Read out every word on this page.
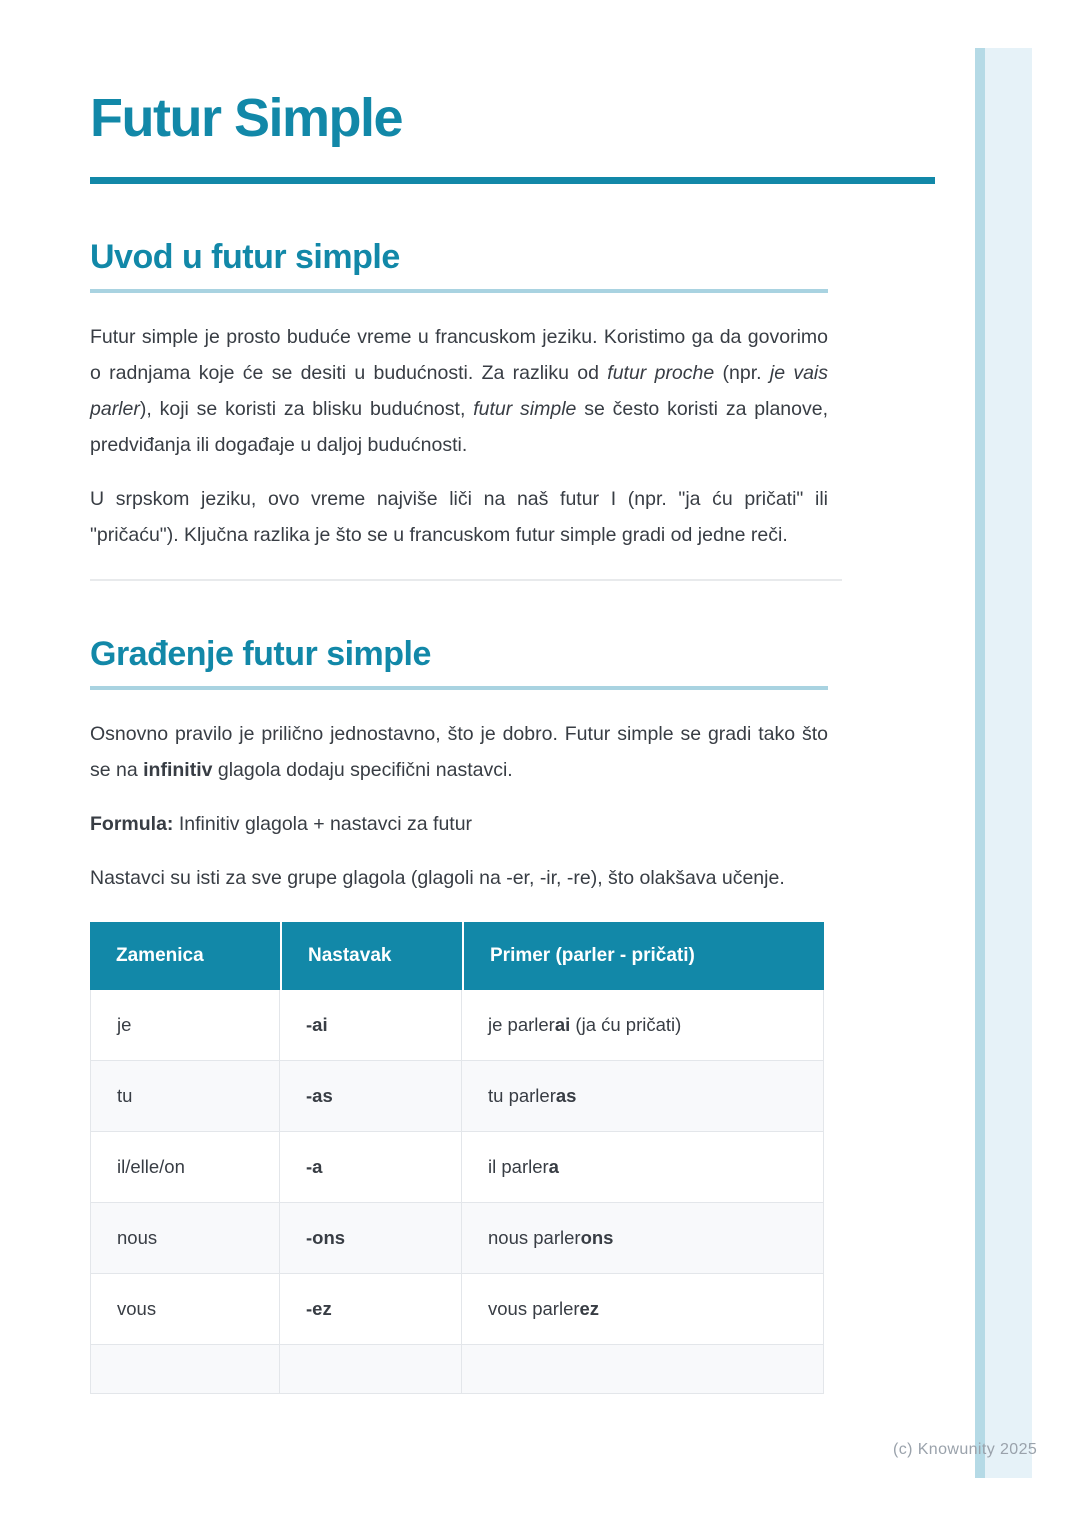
Futur Simple
Uvod u futur simple

Futur simple je prosto buduće vreme u francuskom jeziku. Koristimo ga da govorimo o radnjama koje će se desiti u budućnosti. Za razliku od futur proche (npr. je vais parler), koji se koristi za blisku budućnost, futur simple se često koristi za planove, predviđanja ili događaje u daljoj budućnosti.

U srpskom jeziku, ovo vreme najviše liči na naš futur I (npr. "ja ću pričati" ili "pričaću"). Ključna razlika je što se u francuskom futur simple gradi od jedne reči.

Građenje futur simple

Osnovno pravilo je prilično jednostavno, što je dobro. Futur simple se gradi tako što se na infinitiv glagola dodaju specifični nastavci.

Formula: Infinitiv glagola + nastavci za futur

Nastavci su isti za sve grupe glagola (glagoli na -er, -ir, -re), što olakšava učenje.

Zamenica	Nastavak	Primer (parler - pričati)
je	-ai	je parlerai (ja ću pričati)
tu	-as	tu parleras
il/elle/on	-a	il parlera
nous	-ons	nous parlerons
vous	-ez	vous parlerez

(c) Knowunity 2025
